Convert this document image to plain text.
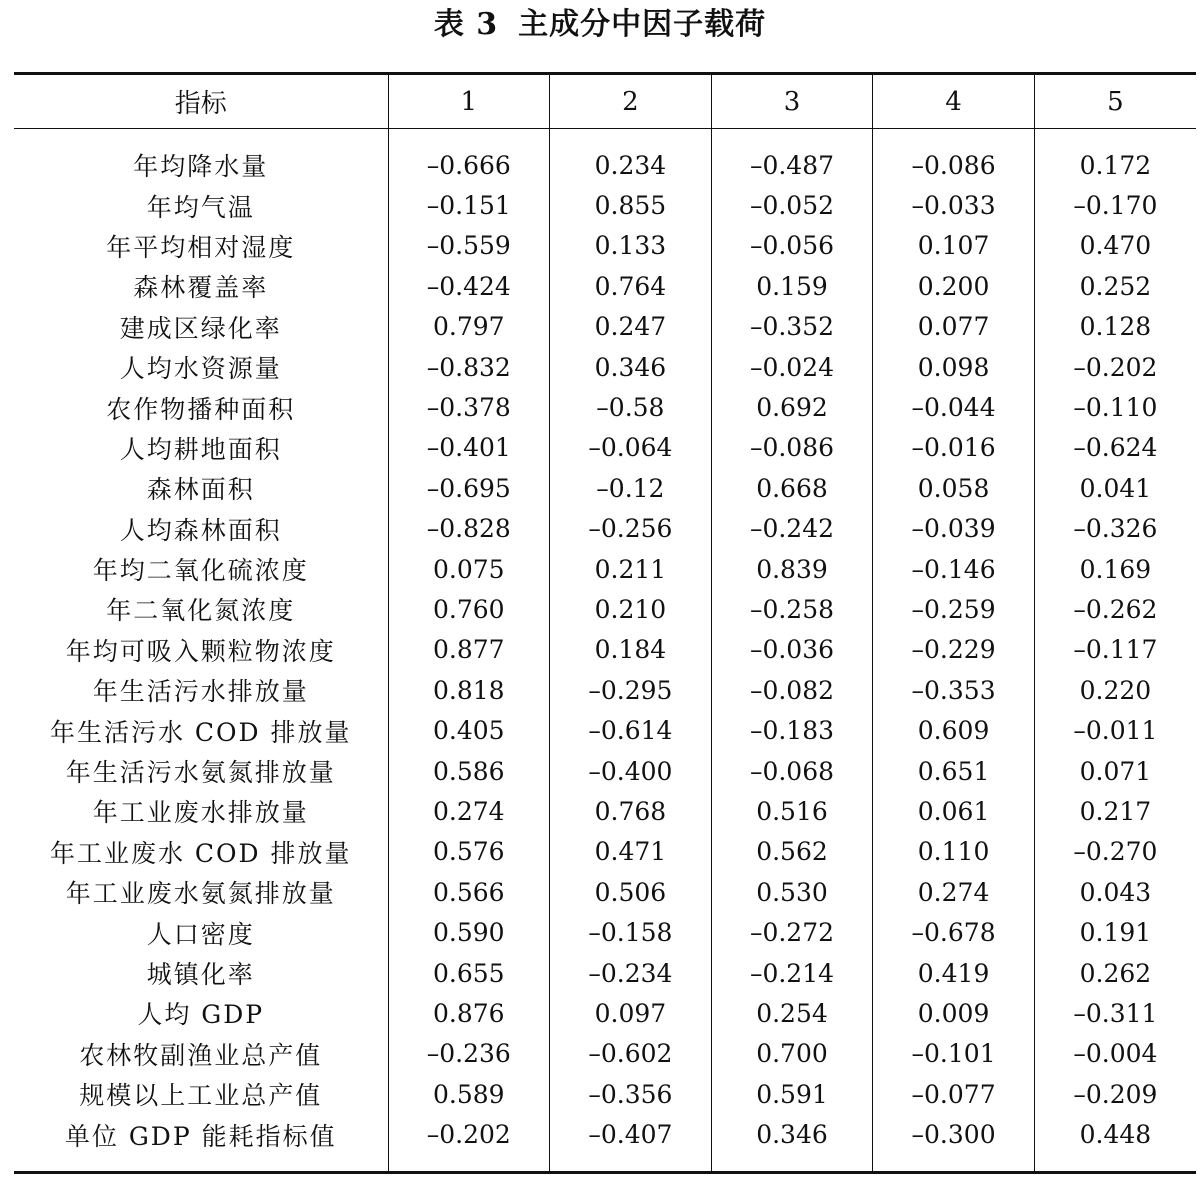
表 3 主成分中因子载荷
指标	1	2	3	4	5
年均降水量	–0.666	0.234	–0.487	–0.086	0.172
年均气温	–0.151	0.855	–0.052	–0.033	–0.170
年平均相对湿度	–0.559	0.133	–0.056	0.107	0.470
森林覆盖率	–0.424	0.764	0.159	0.200	0.252
建成区绿化率	0.797	0.247	–0.352	0.077	0.128
人均水资源量	–0.832	0.346	–0.024	0.098	–0.202
农作物播种面积	–0.378	–0.58	0.692	–0.044	–0.110
人均耕地面积	–0.401	–0.064	–0.086	–0.016	–0.624
森林面积	–0.695	–0.12	0.668	0.058	0.041
人均森林面积	–0.828	–0.256	–0.242	–0.039	–0.326
年均二氧化硫浓度	0.075	0.211	0.839	–0.146	0.169
年二氧化氮浓度	0.760	0.210	–0.258	–0.259	–0.262
年均可吸入颗粒物浓度	0.877	0.184	–0.036	–0.229	–0.117
年生活污水排放量	0.818	–0.295	–0.082	–0.353	0.220
年生活污水 COD 排放量	0.405	–0.614	–0.183	0.609	–0.011
年生活污水氨氮排放量	0.586	–0.400	–0.068	0.651	0.071
年工业废水排放量	0.274	0.768	0.516	0.061	0.217
年工业废水 COD 排放量	0.576	0.471	0.562	0.110	–0.270
年工业废水氨氮排放量	0.566	0.506	0.530	0.274	0.043
人口密度	0.590	–0.158	–0.272	–0.678	0.191
城镇化率	0.655	–0.234	–0.214	0.419	0.262
人均 GDP	0.876	0.097	0.254	0.009	–0.311
农林牧副渔业总产值	–0.236	–0.602	0.700	–0.101	–0.004
规模以上工业总产值	0.589	–0.356	0.591	–0.077	–0.209
单位 GDP 能耗指标值	–0.202	–0.407	0.346	–0.300	0.448
